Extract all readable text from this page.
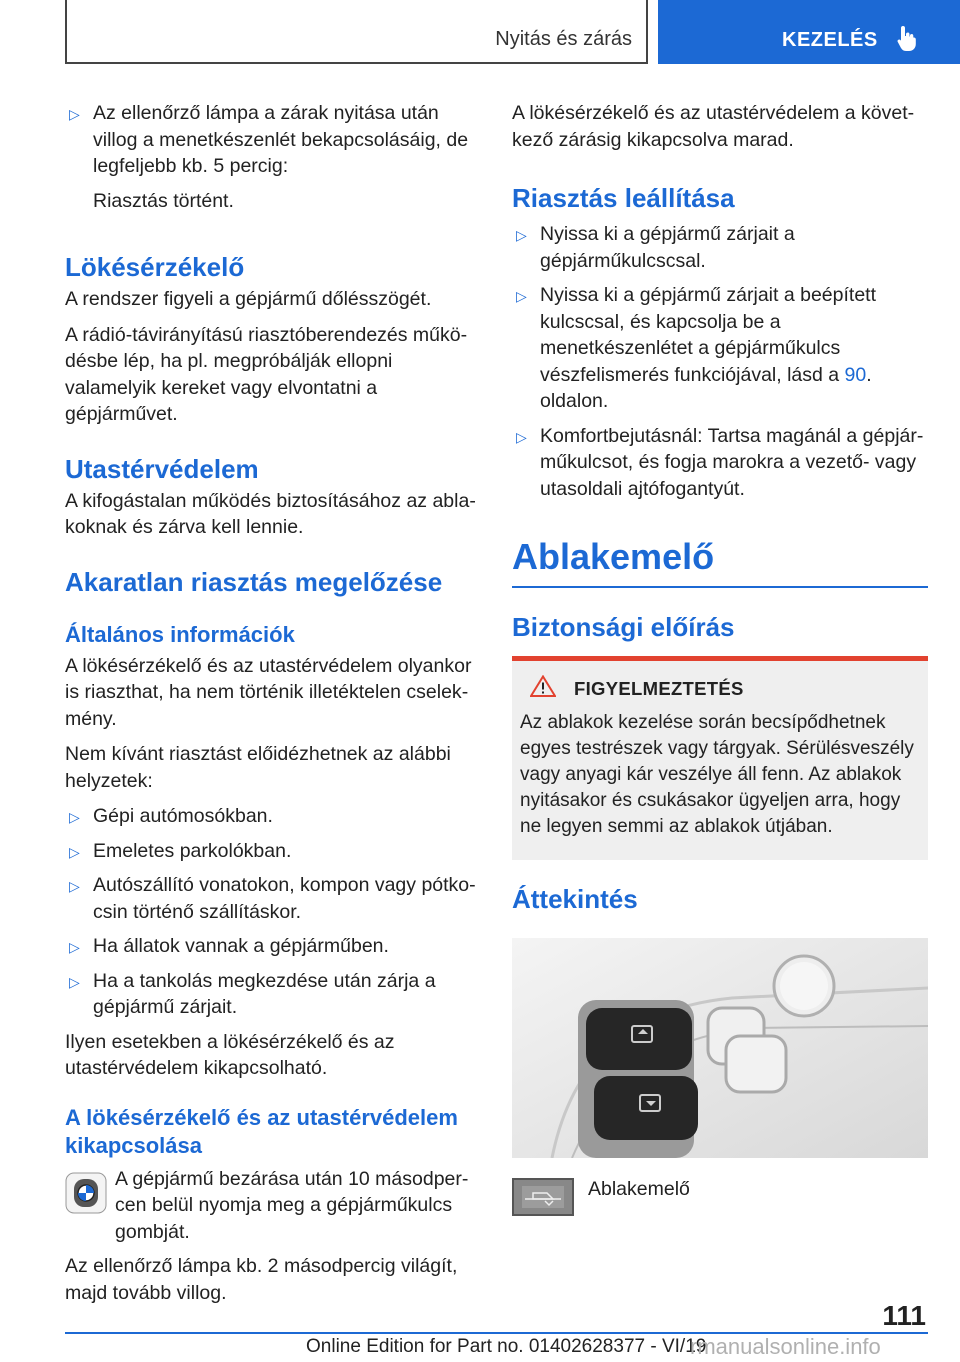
Nyitás és zárás	KEZELÉS
▷ Az ellenőrző lámpa a zárak nyitása után villog a menetkészenlét bekapcsolásáig, de legfeljebb kb. 5 percig:

Riasztás történt.

Lökésérzékelő

A rendszer figyeli a gépjármű dőlésszögét.

A rádió-távirányítású riasztóberendezés működésbe lép, ha pl. megpróbálják ellopni valamelyik kereket vagy elvontatni a gépjárművet.

Utastérvédelem

A kifogástalan működés biztosításához az ablakoknak és zárva kell lennie.

Akaratlan riasztás megelőzése
Általános információk

A lökésérzékelő és az utastérvédelem olyankor is riaszthat, ha nem történik illetéktelen cselekmény.

Nem kívánt riasztást előidézhetnek az alábbi helyzetek:

▷ Gépi autómosókban.

▷ Emeletes parkolókban.

▷ Autószállító vonatokon, kompon vagy pótkocsin történő szállításkor.

▷ Ha állatok vannak a gépjárműben.

▷ Ha a tankolás megkezdése után zárja a gépjármű zárjait.

Ilyen esetekben a lökésérzékelő és az utastérvédelem kikapcsolható.

A lökésérzékelő és az utastérvédelem kikapcsolása

A gépjármű bezárása után 10 másodpercen belül nyomja meg a gépjárműkulcs gombját.

Az ellenőrző lámpa kb. 2 másodpercig világít, majd tovább villog.

A lökésérzékelő és az utastérvédelem a következő zárásig kikapcsolva marad.

Riasztás leállítása
▷ Nyissa ki a gépjármű zárjait a gépjárműkulcscsal.

▷ Nyissa ki a gépjármű zárjait a beépített kulcscsal, és kapcsolja be a menetkészenlétet a gépjárműkulcs vészfelismerés funkciójával, lásd a 90. oldalon.

▷ Komfortbejutásnál: Tartsa magánál a gépjárműkulcsot, és fogja marokra a vezető- vagy utasoldali ajtófogantyút.

Ablakemelő
Biztonsági előírás
FIGYELMEZTETÉS

Az ablakok kezelése során becsípődhetnek egyes testrészek vagy tárgyak. Sérülésveszély vagy anyagi kár veszélye áll fenn. Az ablakok nyitásakor és csukásakor ügyeljen arra, hogy ne legyen semmi az ablakok útjában.

Áttekintés

Ablakemelő

111
Online Edition for Part no. 01402628377 - VI/19
rmanualsonline.info
